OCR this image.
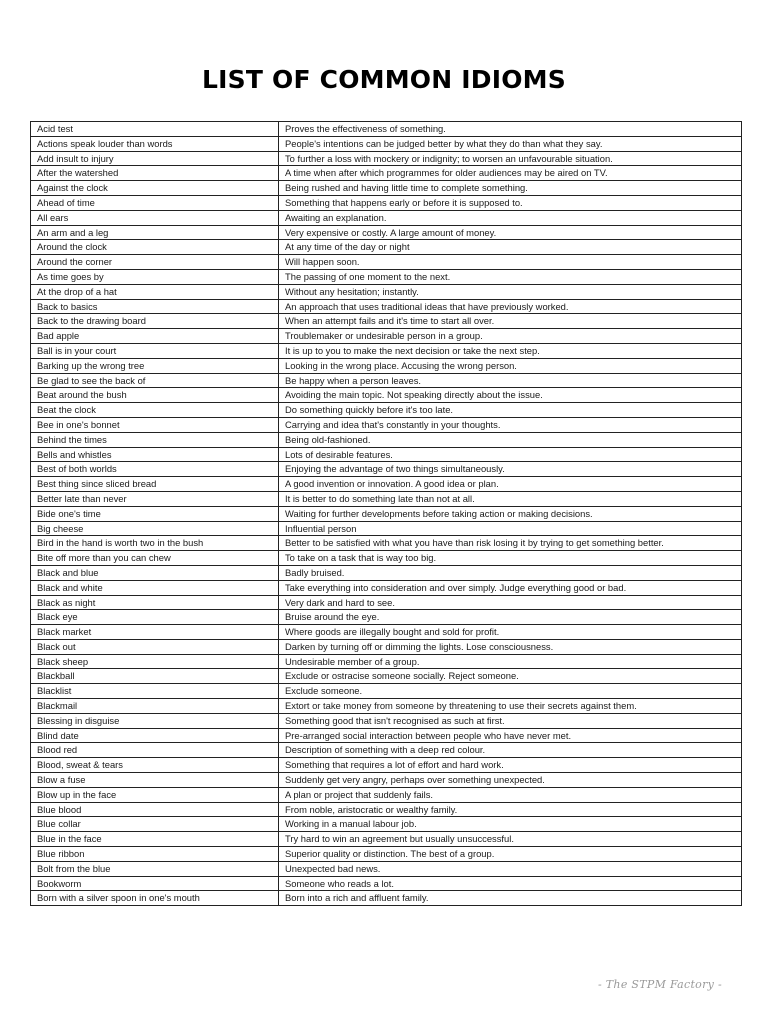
LIST OF COMMON IDIOMS
Acid test	Proves the effectiveness of something.
Actions speak louder than words	People's intentions can be judged better by what they do than what they say.
Add insult to injury	To further a loss with mockery or indignity; to worsen an unfavourable situation.
After the watershed	A time when after which programmes for older audiences may be aired on TV.
Against the clock	Being rushed and having little time to complete something.
Ahead of time	Something that happens early or before it is supposed to.
All ears	Awaiting an explanation.
An arm and a leg	Very expensive or costly. A large amount of money.
Around the clock	At any time of the day or night
Around the corner	Will happen soon.
As time goes by	The passing of one moment to the next.
At the drop of a hat	Without any hesitation; instantly.
Back to basics	An approach that uses traditional ideas that have previously worked.
Back to the drawing board	When an attempt fails and it's time to start all over.
Bad apple	Troublemaker or undesirable person in a group.
Ball is in your court	It is up to you to make the next decision or take the next step.
Barking up the wrong tree	Looking in the wrong place. Accusing the wrong person.
Be glad to see the back of	Be happy when a person leaves.
Beat around the bush	Avoiding the main topic. Not speaking directly about the issue.
Beat the clock	Do something quickly before it's too late.
Bee in one's bonnet	Carrying and idea that's constantly in your thoughts.
Behind the times	Being old-fashioned.
Bells and whistles	Lots of desirable features.
Best of both worlds	Enjoying the advantage of two things simultaneously.
Best thing since sliced bread	A good invention or innovation. A good idea or plan.
Better late than never	It is better to do something late than not at all.
Bide one's time	Waiting for further developments before taking action or making decisions.
Big cheese	Influential person
Bird in the hand is worth two in the bush	Better to be satisfied with what you have than risk losing it by trying to get something better.
Bite off more than you can chew	To take on a task that is way too big.
Black and blue	Badly bruised.
Black and white	Take everything into consideration and over simply. Judge everything good or bad.
Black as night	Very dark and hard to see.
Black eye	Bruise around the eye.
Black market	Where goods are illegally bought and sold for profit.
Black out	Darken by turning off or dimming the lights. Lose consciousness.
Black sheep	Undesirable member of a group.
Blackball	Exclude or ostracise someone socially. Reject someone.
Blacklist	Exclude someone.
Blackmail	Extort or take money from someone by threatening to use their secrets against them.
Blessing in disguise	Something good that isn't recognised as such at first.
Blind date	Pre-arranged social interaction between people who have never met.
Blood red	Description of something with a deep red colour.
Blood, sweat & tears	Something that requires a lot of effort and hard work.
Blow a fuse	Suddenly get very angry, perhaps over something unexpected.
Blow up in the face	A plan or project that suddenly fails.
Blue blood	From noble, aristocratic or wealthy family.
Blue collar	Working in a manual labour job.
Blue in the face	Try hard to win an agreement but usually unsuccessful.
Blue ribbon	Superior quality or distinction. The best of a group.
Bolt from the blue	Unexpected bad news.
Bookworm	Someone who reads a lot.
Born with a silver spoon in one's mouth	Born into a rich and affluent family.
- The STPM Factory -
